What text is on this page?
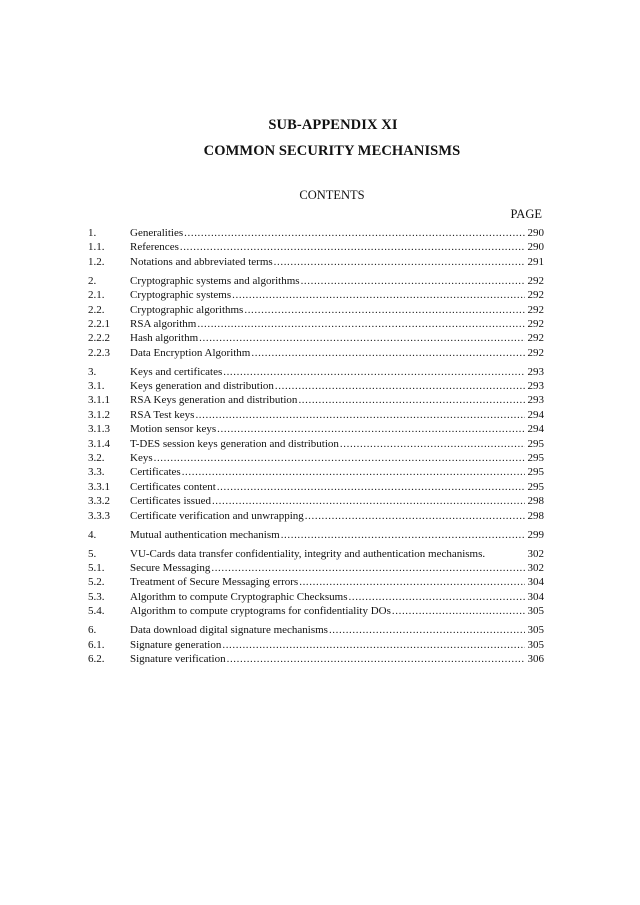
SUB-APPENDIX XI
COMMON SECURITY MECHANISMS
CONTENTS
PAGE
1.	Generalities .....	290
1.1.	References .....	290
1.2.	Notations and abbreviated terms .....	291
2.	Cryptographic systems and algorithms .....	292
2.1.	Cryptographic systems .....	292
2.2.	Cryptographic algorithms .....	292
2.2.1	RSA algorithm .....	292
2.2.2	Hash algorithm .....	292
2.2.3	Data Encryption Algorithm .....	292
3.	Keys and certificates .....	293
3.1.	Keys generation and distribution .....	293
3.1.1	RSA Keys generation and distribution .....	293
3.1.2	RSA Test keys .....	294
3.1.3	Motion sensor keys .....	294
3.1.4	T-DES session keys generation and distribution .....	295
3.2.	Keys .....	295
3.3.	Certificates .....	295
3.3.1	Certificates content .....	295
3.3.2	Certificates issued .....	298
3.3.3	Certificate verification and unwrapping .....	298
4.	Mutual authentication mechanism .....	299
5.	VU-Cards data transfer confidentiality, integrity and authentication mechanisms.	302
5.1.	Secure Messaging .....	302
5.2.	Treatment of Secure Messaging errors .....	304
5.3.	Algorithm to compute Cryptographic Checksums .....	304
5.4.	Algorithm to compute cryptograms for confidentiality DOs .....	305
6.	Data download digital signature mechanisms .....	305
6.1.	Signature generation .....	305
6.2.	Signature verification .....	306
